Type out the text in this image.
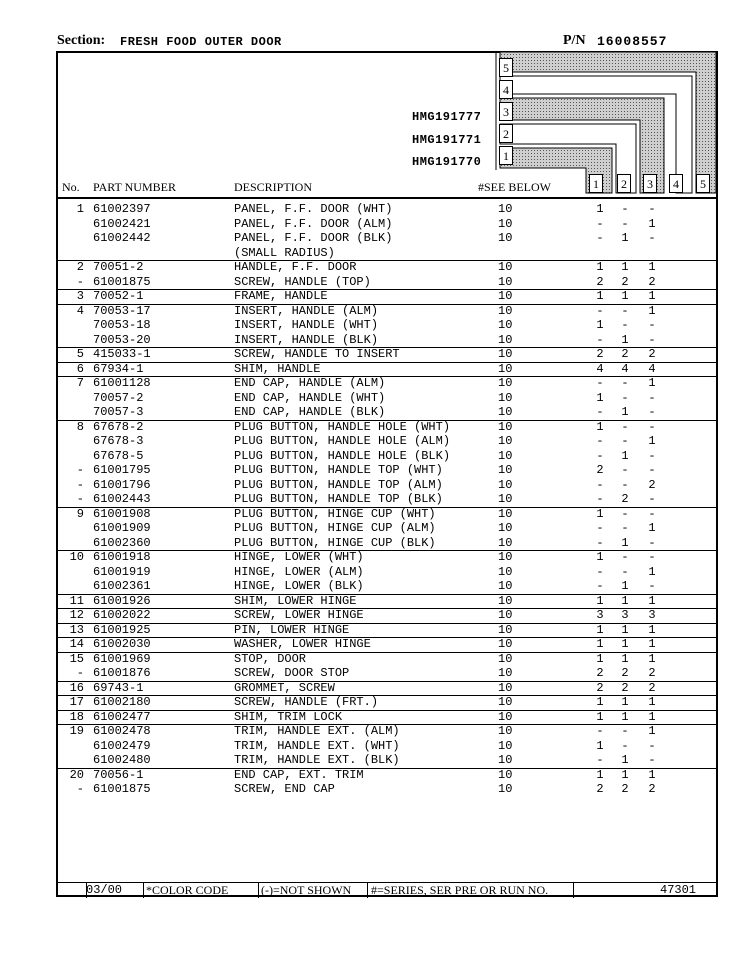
Section: FRESH FOOD OUTER DOOR	P/N 16008557
5
4
3
2
1
HMG191777
HMG191771
HMG191770
1	2	3	4	5
No. PART NUMBER	DESCRIPTION	#SEE BELOW
1 61002397	PANEL, F.F. DOOR (WHT)	10	1 - -
61002421	PANEL, F.F. DOOR (ALM)	10	- - 1
61002442	PANEL, F.F. DOOR (BLK)	10	- 1 -
(SMALL RADIUS)
2 70051-2	HANDLE, F.F. DOOR	10	1 1 1
- 61001875	SCREW, HANDLE (TOP)	10	2 2 2
3 70052-1	FRAME, HANDLE	10	1 1 1
4 70053-17	INSERT, HANDLE (ALM)	10	- - 1
70053-18	INSERT, HANDLE (WHT)	10	1 - -
70053-20	INSERT, HANDLE (BLK)	10	- 1 -
5 415033-1	SCREW, HANDLE TO INSERT	10	2 2 2
6 67934-1	SHIM, HANDLE	10	4 4 4
7 61001128	END CAP, HANDLE (ALM)	10	- - 1
70057-2	END CAP, HANDLE (WHT)	10	1 - -
70057-3	END CAP, HANDLE (BLK)	10	- 1 -
8 67678-2	PLUG BUTTON, HANDLE HOLE (WHT)	10	1 - -
67678-3	PLUG BUTTON, HANDLE HOLE (ALM)	10	- - 1
67678-5	PLUG BUTTON, HANDLE HOLE (BLK)	10	- 1 -
- 61001795	PLUG BUTTON, HANDLE TOP (WHT)	10	2 - -
- 61001796	PLUG BUTTON, HANDLE TOP (ALM)	10	- - 2
- 61002443	PLUG BUTTON, HANDLE TOP (BLK)	10	- 2 -
9 61001908	PLUG BUTTON, HINGE CUP (WHT)	10	1 - -
61001909	PLUG BUTTON, HINGE CUP (ALM)	10	- - 1
61002360	PLUG BUTTON, HINGE CUP (BLK)	10	- 1 -
10 61001918	HINGE, LOWER (WHT)	10	1 - -
61001919	HINGE, LOWER (ALM)	10	- - 1
61002361	HINGE, LOWER (BLK)	10	- 1 -
11 61001926	SHIM, LOWER HINGE	10	1 1 1
12 61002022	SCREW, LOWER HINGE	10	3 3 3
13 61001925	PIN, LOWER HINGE	10	1 1 1
14 61002030	WASHER, LOWER HINGE	10	1 1 1
15 61001969	STOP, DOOR	10	1 1 1
- 61001876	SCREW, DOOR STOP	10	2 2 2
16 69743-1	GROMMET, SCREW	10	2 2 2
17 61002180	SCREW, HANDLE (FRT.)	10	1 1 1
18 61002477	SHIM, TRIM LOCK	10	1 1 1
19 61002478	TRIM, HANDLE EXT. (ALM)	10	- - 1
61002479	TRIM, HANDLE EXT. (WHT)	10	1 - -
61002480	TRIM, HANDLE EXT. (BLK)	10	- 1 -
20 70056-1	END CAP, EXT. TRIM	10	1 1 1
- 61001875	SCREW, END CAP	10	2 2 2
03/00 *COLOR CODE	(-)=NOT SHOWN #=SERIES, SER PRE OR RUN NO.	47301
